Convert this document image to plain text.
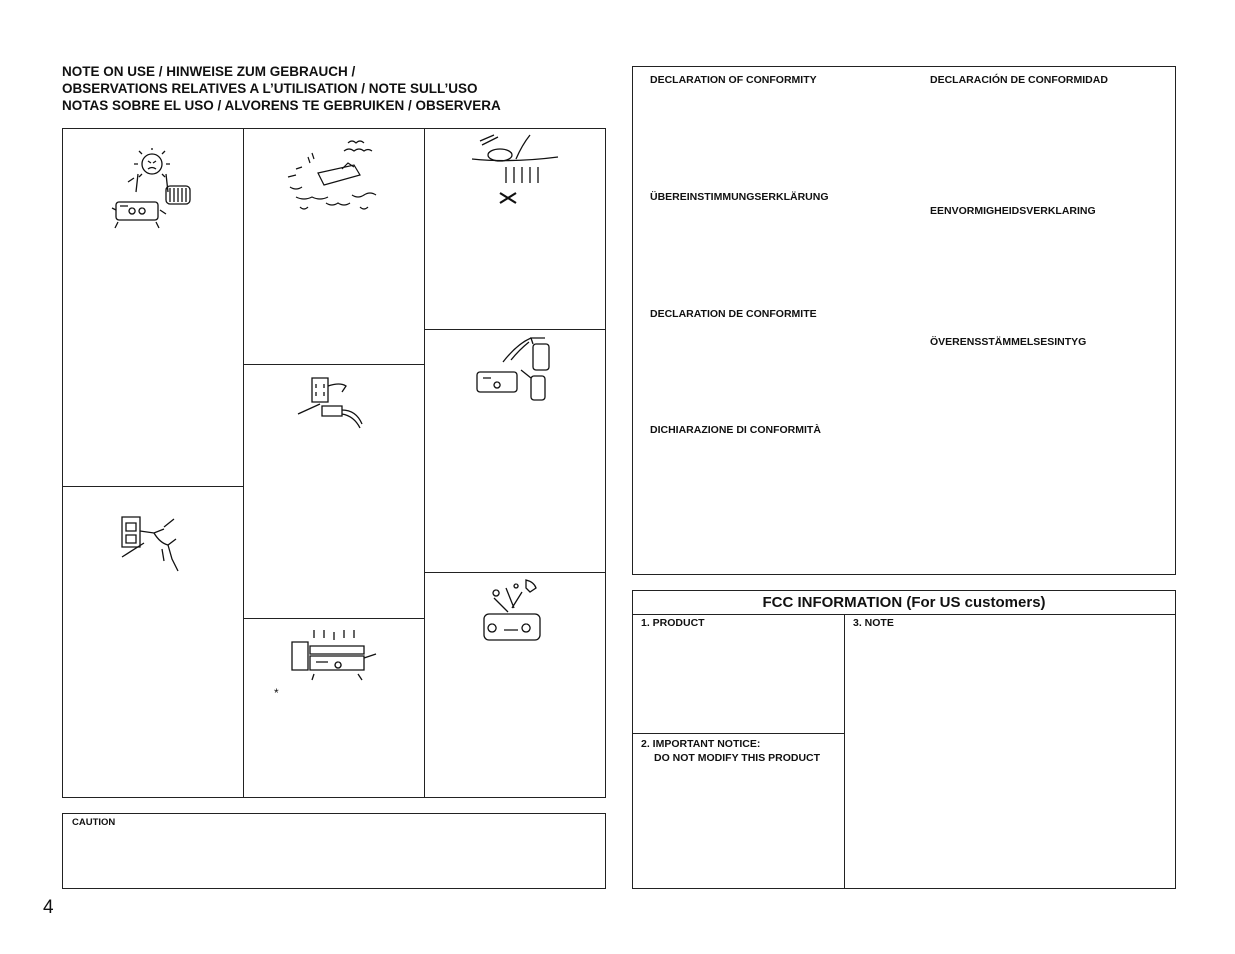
NOTE ON USE / HINWEISE ZUM GEBRAUCH /
OBSERVATIONS RELATIVES A L’UTILISATION / NOTE SULL’USO
NOTAS SOBRE EL USO / ALVORENS TE GEBRUIKEN / OBSERVERA
*
CAUTION
DECLARATION OF CONFORMITY
ÜBEREINSTIMMUNGSERKLÄRUNG
DECLARATION DE CONFORMITE
DICHIARAZIONE DI CONFORMITÀ
DECLARACIÓN DE CONFORMIDAD
EENVORMIGHEIDSVERKLARING
ÖVERENSSTÄMMELSESINTYG
FCC INFORMATION (For US customers)
1. PRODUCT
2. IMPORTANT NOTICE:
DO NOT MODIFY THIS PRODUCT
3. NOTE
4
